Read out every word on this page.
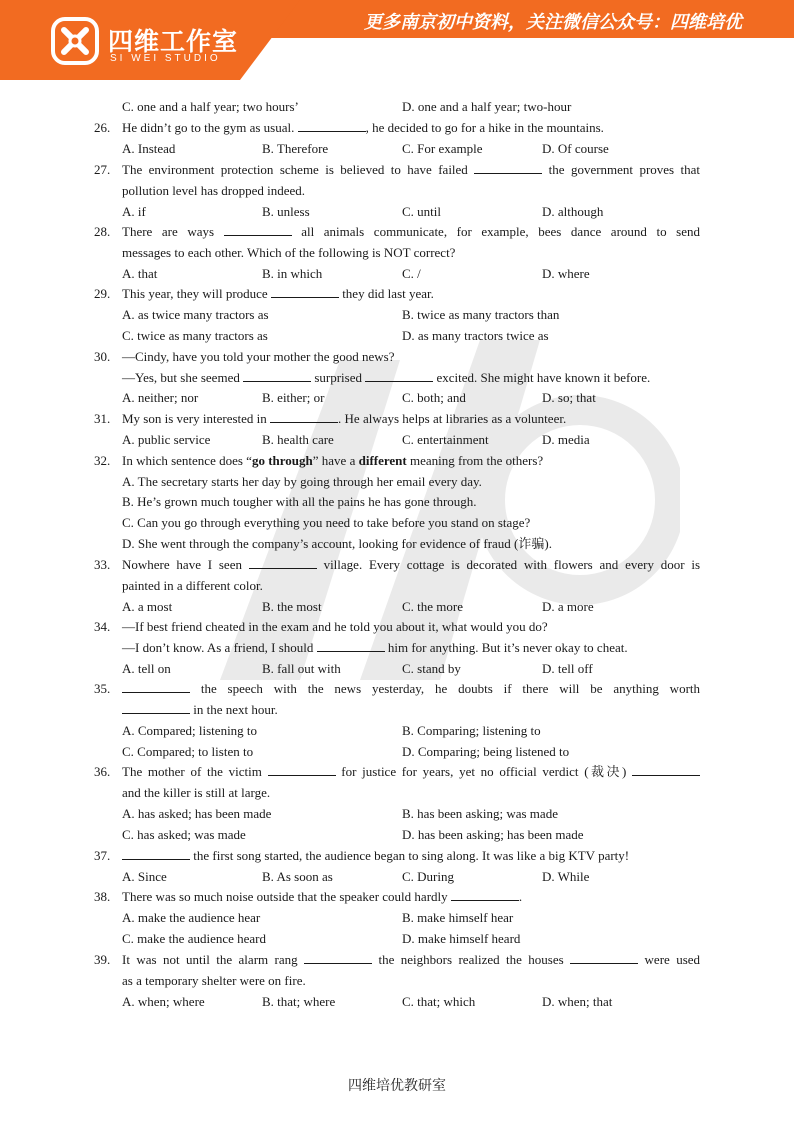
四维工作室
SI WEI STUDIO
更多南京初中资料，关注微信公众号：四维培优
C. one and a half year; two hours’	D. one and a half year; two-hour
26. He didn’t go to the gym as usual.	, he decided to go for a hike in the mountains.
A. Instead	B. Therefore	C. For example	D. Of course
27. The environment protection scheme is believed to have failed	the government proves that
pollution level has dropped indeed.
A. if	B. unless	C. until	D. although
28. There are ways	all animals communicate, for example, bees dance around to send
messages to each other. Which of the following is NOT correct?
A. that	B. in which	C. /	D. where
29. This year, they will produce	they did last year.
A. as twice many tractors as	B. twice as many tractors than
C. twice as many tractors as	D. as many tractors twice as
30. —Cindy, have you told your mother the good news?
—Yes, but she seemed	surprised	excited. She might have known it before.
A. neither; nor	B. either; or	C. both; and	D. so; that
31. My son is very interested in	. He always helps at libraries as a volunteer.
A. public service	B. health care	C. entertainment	D. media
32. In which sentence does “go through” have a different meaning from the others?
A. The secretary starts her day by going through her email every day.
B. He’s grown much tougher with all the pains he has gone through.
C. Can you go through everything you need to take before you stand on stage?
D. She went through the company’s account, looking for evidence of fraud (诈骗).
33. Nowhere have I seen	village. Every cottage is decorated with flowers and every door is
painted in a different color.
A. a most	B. the most	C. the more	D. a more
34. —If best friend cheated in the exam and he told you about it, what would you do?
—I don’t know. As a friend, I should	him for anything. But it’s never okay to cheat.
A. tell on	B. fall out with	C. stand by	D. tell off
35.	the speech with the news yesterday, he doubts if there will be anything worth
in the next hour.
A. Compared; listening to	B. Comparing; listening to
C. Compared; to listen to	D. Comparing; being listened to
36. The mother of the victim	for justice for years, yet no official verdict (裁决)
and the killer is still at large.
A. has asked; has been made	B. has been asking; was made
C. has asked; was made	D. has been asking; has been made
37.	the first song started, the audience began to sing along. It was like a big KTV party!
A. Since	B. As soon as	C. During	D. While
38. There was so much noise outside that the speaker could hardly	.
A. make the audience hear	B. make himself hear
C. make the audience heard	D. make himself heard
39. It was not until the alarm rang	the neighbors realized the houses	were used
as a temporary shelter were on fire.
A. when; where	B. that; where	C. that; which	D. when; that
四维培优教研室
